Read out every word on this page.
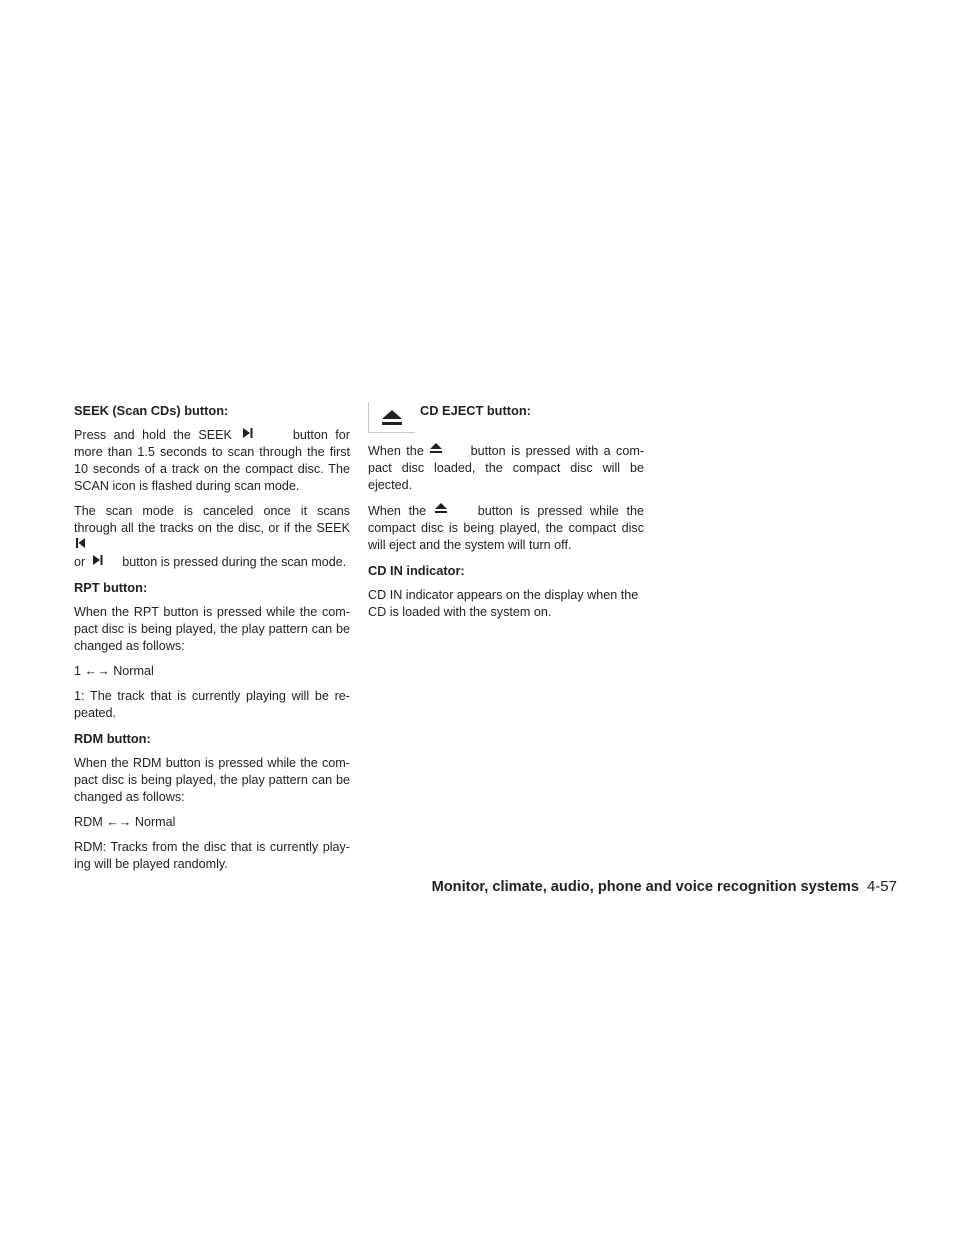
SEEK (Scan CDs) button:
Press and hold the SEEK	button for more than 1.5 seconds to scan through the first 10 seconds of a track on the compact disc. The SCAN icon is flashed during scan mode.
The scan mode is canceled once it scans through all the tracks on the disc, or if the SEEK
or	button is pressed during the scan mode.
RPT button:
When the RPT button is pressed while the com-pact disc is being played, the play pattern can be changed as follows:
1 ←→ Normal
1: The track that is currently playing will be re-peated.
RDM button:
When the RDM button is pressed while the com-pact disc is being played, the play pattern can be changed as follows:
RDM ←→ Normal
RDM: Tracks from the disc that is currently play-ing will be played randomly.
CD EJECT button:
When the	button is pressed with a com-pact disc loaded, the compact disc will be ejected.
When the	button is pressed while the compact disc is being played, the compact disc will eject and the system will turn off.
CD IN indicator:
CD IN indicator appears on the display when the CD is loaded with the system on.
Monitor, climate, audio, phone and voice recognition systems 4-57
